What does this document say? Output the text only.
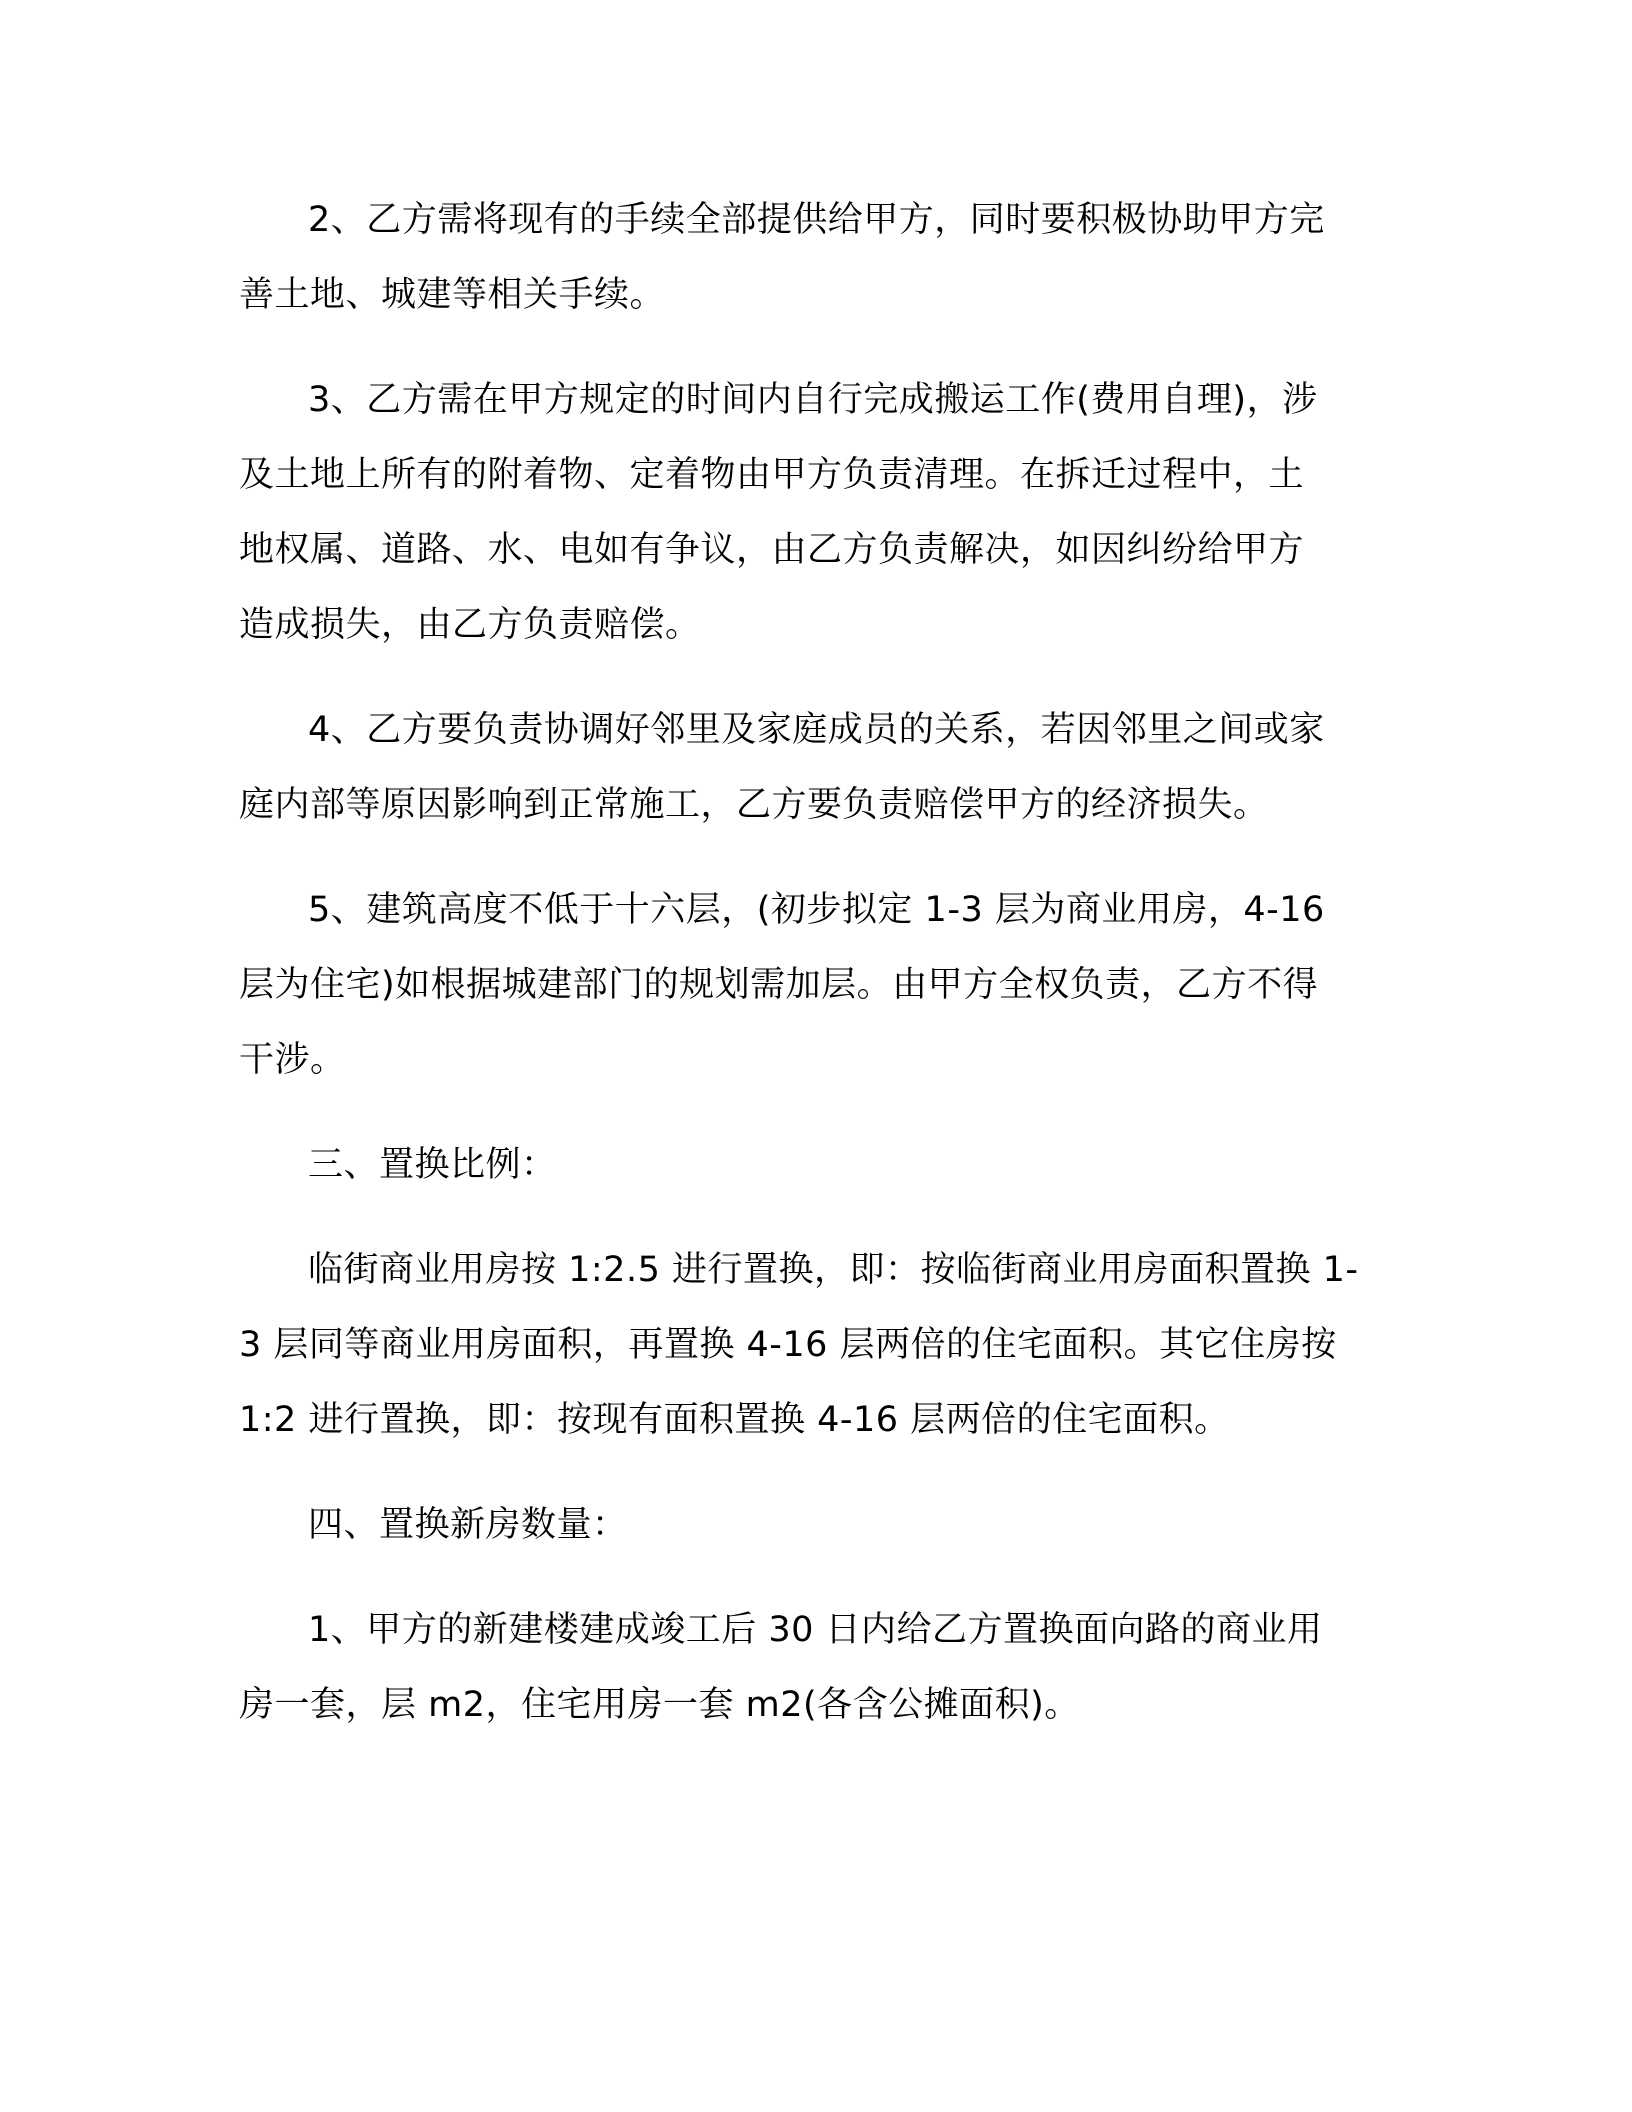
2、乙方需将现有的手续全部提供给甲方，同时要积极协助甲方完

善土地、城建等相关手续。

3、乙方需在甲方规定的时间内自行完成搬运工作(费用自理)，涉

及土地上所有的附着物、定着物由甲方负责清理。在拆迁过程中，土

地权属、道路、水、电如有争议，由乙方负责解决，如因纠纷给甲方

造成损失，由乙方负责赔偿。

4、乙方要负责协调好邻里及家庭成员的关系，若因邻里之间或家

庭内部等原因影响到正常施工，乙方要负责赔偿甲方的经济损失。

5、建筑高度不低于十六层，(初步拟定 1-3 层为商业用房，4-16

层为住宅)如根据城建部门的规划需加层。由甲方全权负责，乙方不得

干涉。

三、置换比例：

临街商业用房按 1:2.5 进行置换，即：按临街商业用房面积置换 1-

3 层同等商业用房面积，再置换 4-16 层两倍的住宅面积。其它住房按

1:2 进行置换，即：按现有面积置换 4-16 层两倍的住宅面积。

四、置换新房数量：

1、甲方的新建楼建成竣工后 30 日内给乙方置换面向路的商业用

房一套，层 m2，住宅用房一套 m2(各含公摊面积)。
